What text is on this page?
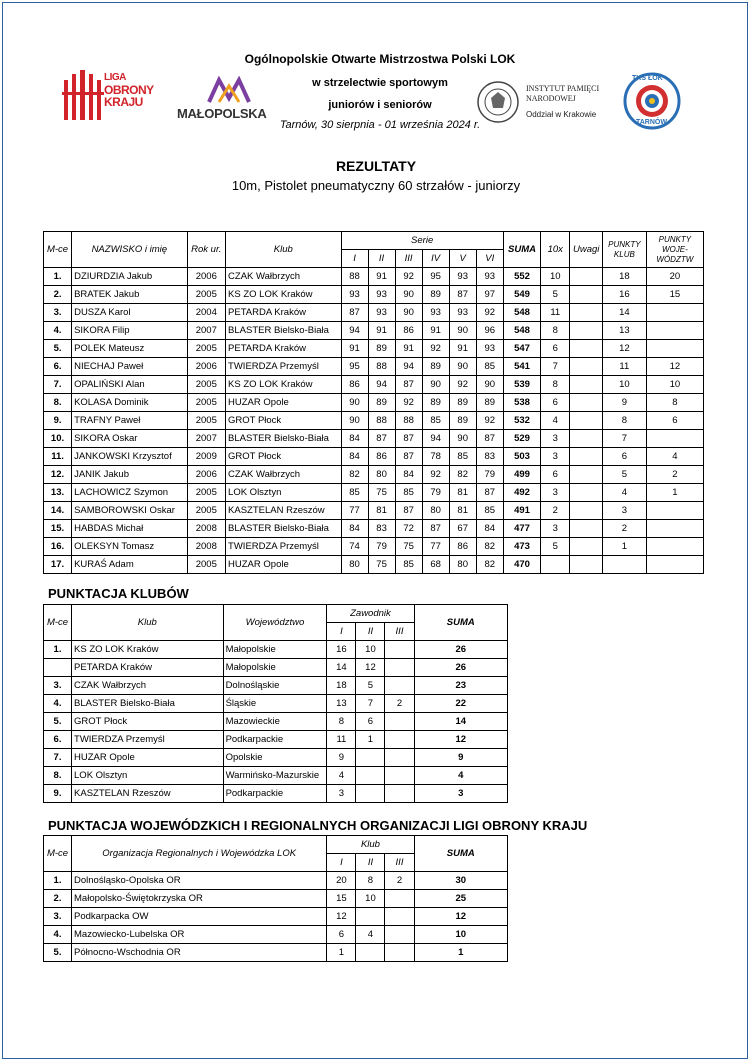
LIGA
OBRONY
KRAJU
MAŁOPOLSKA
Ogólnopolskie Otwarte Mistrzostwa Polski LOK
w strzelectwie sportowym
juniorów i seniorów
Tarnów, 30 sierpnia - 01 września 2024 r.
INSTYTUT PAMIĘCI
NARODOWEJ
Oddział w Krakowie
TKS ŁOK
TARNÓW
REZULTATY
10m, Pistolet pneumatyczny 60 strzałów - juniorzy
M-ce	NAZWISKO i imię	Rok ur.	Klub	Serie						SUMA	10x	Uwagi	PUNKTY
KLUB	PUNKTY
WOJE-
WÓDZTW
				I	II	III	IV	V	VI					
1.	DZIURDZIA Jakub	2006	CZAK Wałbrzych	88	91	92	95	93	93	552	10		18	20
2.	BRATEK Jakub	2005	KS ZO LOK Kraków	93	93	90	89	87	97	549	5		16	15
3.	DUSZA Karol	2004	PETARDA Kraków	87	93	90	93	93	92	548	11		14	
4.	SIKORA Filip	2007	BLASTER Bielsko-Biała	94	91	86	91	90	96	548	8		13	
5.	POLEK Mateusz	2005	PETARDA Kraków	91	89	91	92	91	93	547	6		12	
6.	NIECHAJ Paweł	2006	TWIERDZA Przemyśl	95	88	94	89	90	85	541	7		11	12
7.	OPALIŃSKI Alan	2005	KS ZO LOK Kraków	86	94	87	90	92	90	539	8		10	10
8.	KOLASA Dominik	2005	HUZAR Opole	90	89	92	89	89	89	538	6		9	8
9.	TRAFNY Paweł	2005	GROT Płock	90	88	88	85	89	92	532	4		8	6
10.	SIKORA Oskar	2007	BLASTER Bielsko-Biała	84	87	87	94	90	87	529	3		7	
11.	JANKOWSKI Krzysztof	2009	GROT Płock	84	86	87	78	85	83	503	3		6	4
12.	JANIK Jakub	2006	CZAK Wałbrzych	82	80	84	92	82	79	499	6		5	2
13.	LACHOWICZ Szymon	2005	LOK Olsztyn	85	75	85	79	81	87	492	3		4	1
14.	SAMBOROWSKI Oskar	2005	KASZTELAN Rzeszów	77	81	87	80	81	85	491	2		3	
15.	HABDAS Michał	2008	BLASTER Bielsko-Biała	84	83	72	87	67	84	477	3		2	
16.	OLEKSYN Tomasz	2008	TWIERDZA Przemyśl	74	79	75	77	86	82	473	5		1	
17.	KURAŚ Adam	2005	HUZAR Opole	80	75	85	68	80	82	470				
PUNKTACJA KLUBÓW
M-ce	Klub	Województwo	Zawodnik			SUMA
			I	II	III	
1.	KS ZO LOK Kraków	Małopolskie	16	10		26
	PETARDA Kraków	Małopolskie	14	12		26
3.	CZAK Wałbrzych	Dolnośląskie	18	5		23
4.	BLASTER Bielsko-Biała	Śląskie	13	7	2	22
5.	GROT Płock	Mazowieckie	8	6		14
6.	TWIERDZA Przemyśl	Podkarpackie	11	1		12
7.	HUZAR Opole	Opolskie	9			9
8.	LOK Olsztyn	Warmińsko-Mazurskie	4			4
9.	KASZTELAN Rzeszów	Podkarpackie	3			3
PUNKTACJA WOJEWÓDZKICH I REGIONALNYCH ORGANIZACJI LIGI OBRONY KRAJU
M-ce	Organizacja Regionalnych i Wojewódzka LOK	Klub			SUMA
		I	II	III	
1.	Dolnośląsko-Opolska OR	20	8	2	30
2.	Małopolsko-Świętokrzyska OR	15	10		25
3.	Podkarpacka OW	12			12
4.	Mazowiecko-Lubelska OR	6	4		10
5.	Północno-Wschodnia OR	1			1
